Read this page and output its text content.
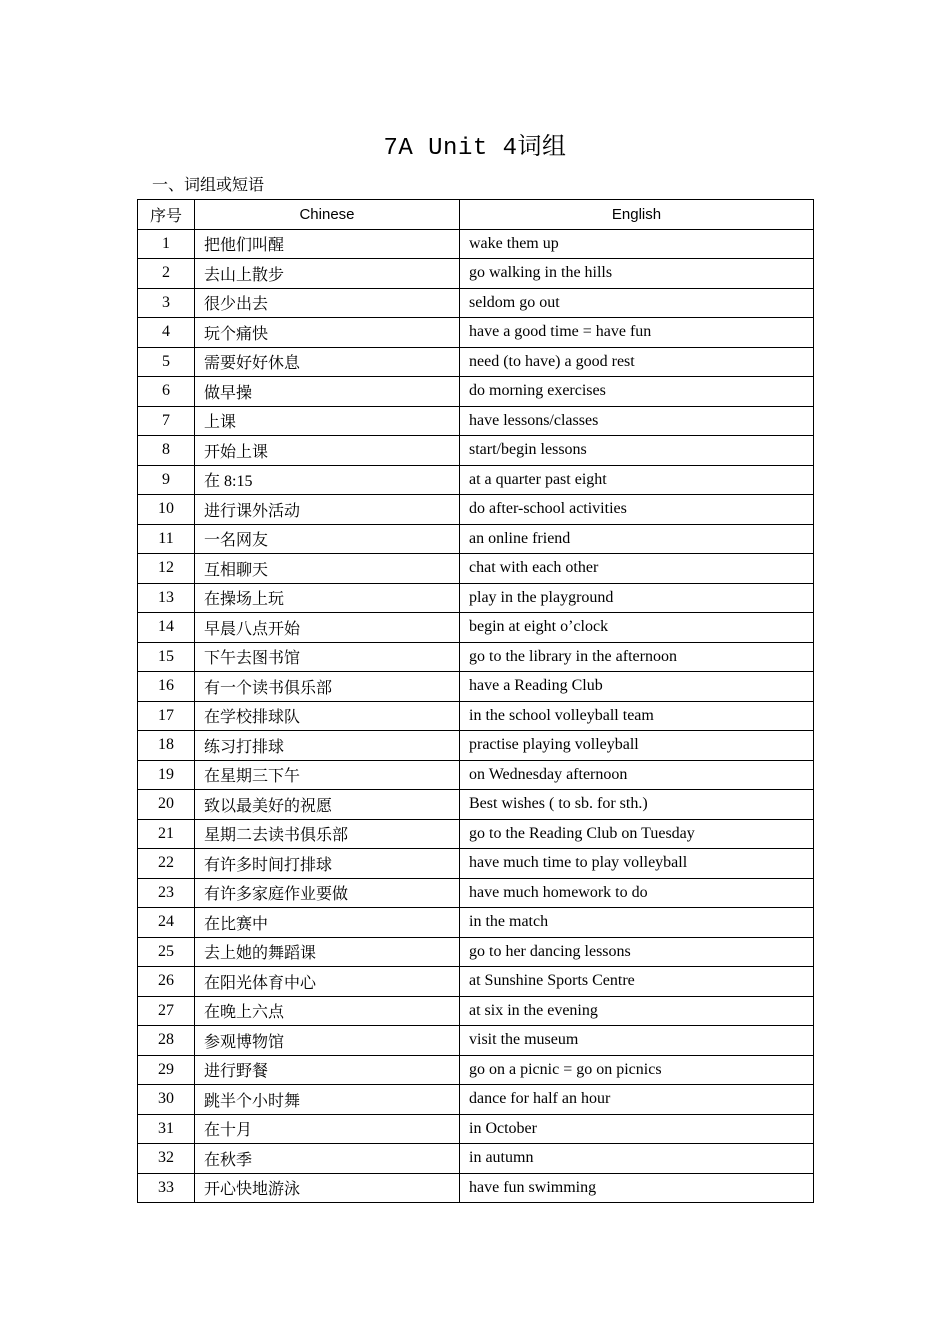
7A Unit 4词组
一、词组或短语
序号	Chinese	English
1	把他们叫醒	wake them up
2	去山上散步	go walking in the hills
3	很少出去	seldom go out
4	玩个痛快	have a good time = have fun
5	需要好好休息	need (to have) a good rest
6	做早操	do morning exercises
7	上课	have lessons/classes
8	开始上课	start/begin lessons
9	在 8:15	at a quarter past eight
10	进行课外活动	do after-school activities
11	一名网友	an online friend
12	互相聊天	chat with each other
13	在操场上玩	play in the playground
14	早晨八点开始	begin at eight o’clock
15	下午去图书馆	go to the library in the afternoon
16	有一个读书俱乐部	have a Reading Club
17	在学校排球队	in the school volleyball team
18	练习打排球	practise playing volleyball
19	在星期三下午	on Wednesday afternoon
20	致以最美好的祝愿	Best wishes ( to sb. for sth.)
21	星期二去读书俱乐部	go to the Reading Club on Tuesday
22	有许多时间打排球	have much time to play volleyball
23	有许多家庭作业要做	have much homework to do
24	在比赛中	in the match
25	去上她的舞蹈课	go to her dancing lessons
26	在阳光体育中心	at Sunshine Sports Centre
27	在晚上六点	at six in the evening
28	参观博物馆	visit the museum
29	进行野餐	go on a picnic = go on picnics
30	跳半个小时舞	dance for half an hour
31	在十月	in October
32	在秋季	in autumn
33	开心快地游泳	have fun swimming
